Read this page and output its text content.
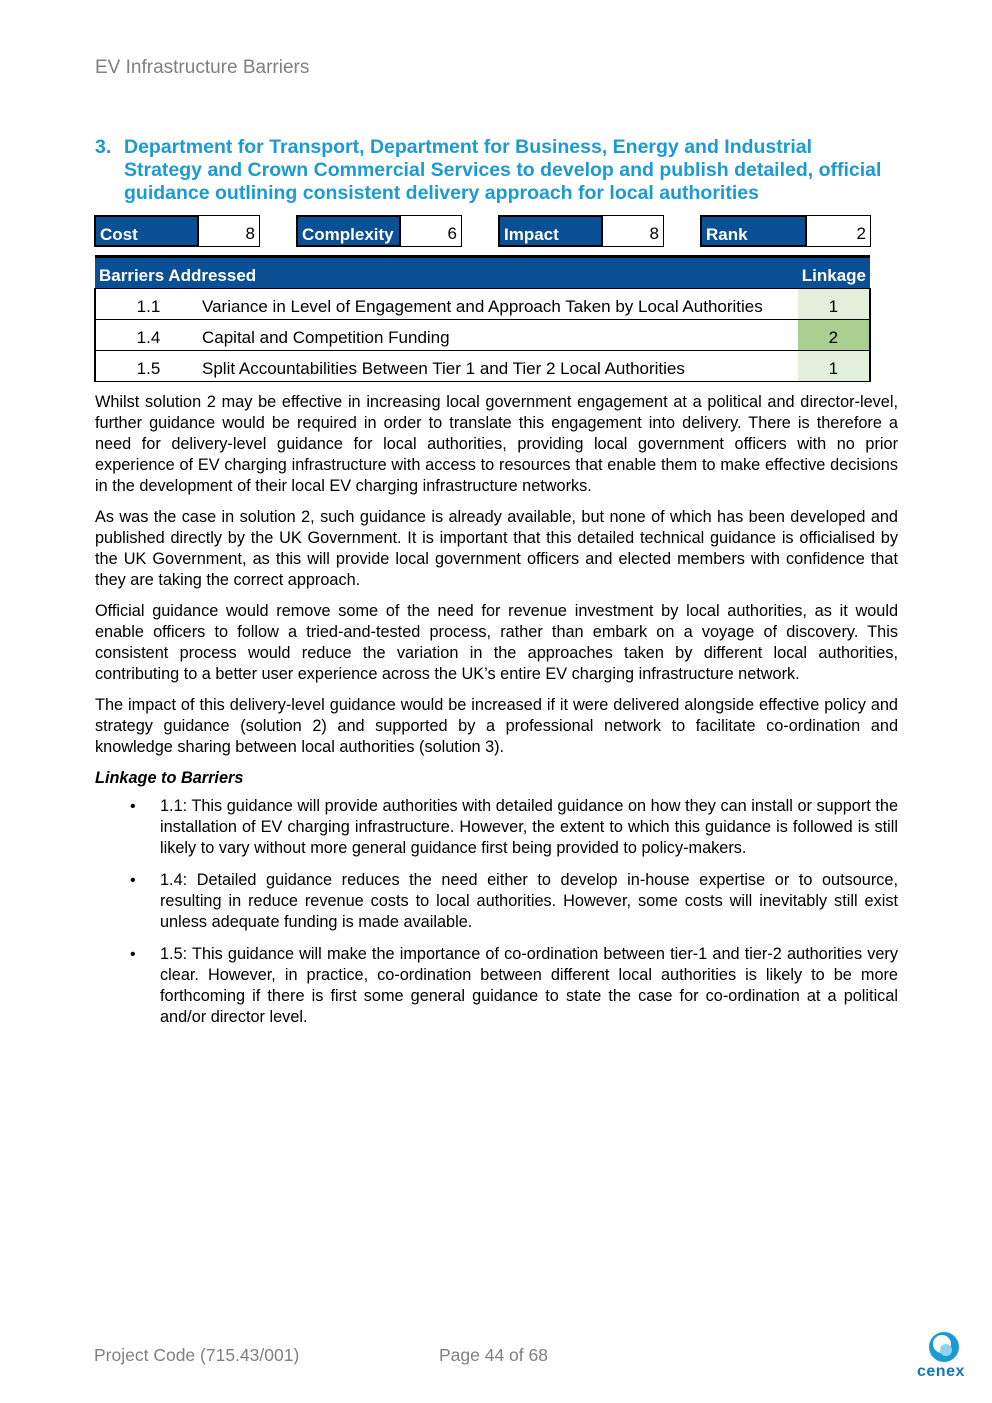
EV Infrastructure Barriers
3. Department for Transport, Department for Business, Energy and Industrial Strategy and Crown Commercial Services to develop and publish detailed, official guidance outlining consistent delivery approach for local authorities
Cost	8	Complexity	6	Impact	8	Rank	2
Barriers Addressed		Linkage
1.1	Variance in Level of Engagement and Approach Taken by Local Authorities	1
1.4	Capital and Competition Funding	2
1.5	Split Accountabilities Between Tier 1 and Tier 2 Local Authorities	1

Whilst solution 2 may be effective in increasing local government engagement at a political and director-level, further guidance would be required in order to translate this engagement into delivery. There is therefore a need for delivery-level guidance for local authorities, providing local government officers with no prior experience of EV charging infrastructure with access to resources that enable them to make effective decisions in the development of their local EV charging infrastructure networks.

As was the case in solution 2, such guidance is already available, but none of which has been developed and published directly by the UK Government. It is important that this detailed technical guidance is officialised by the UK Government, as this will provide local government officers and elected members with confidence that they are taking the correct approach.

Official guidance would remove some of the need for revenue investment by local authorities, as it would enable officers to follow a tried-and-tested process, rather than embark on a voyage of discovery. This consistent process would reduce the variation in the approaches taken by different local authorities, contributing to a better user experience across the UK’s entire EV charging infrastructure network.

The impact of this delivery-level guidance would be increased if it were delivered alongside effective policy and strategy guidance (solution 2) and supported by a professional network to facilitate co-ordination and knowledge sharing between local authorities (solution 3).

Linkage to Barriers
• 1.1: This guidance will provide authorities with detailed guidance on how they can install or support the installation of EV charging infrastructure. However, the extent to which this guidance is followed is still likely to vary without more general guidance first being provided to policy-makers.
• 1.4: Detailed guidance reduces the need either to develop in-house expertise or to outsource, resulting in reduce revenue costs to local authorities. However, some costs will inevitably still exist unless adequate funding is made available.
• 1.5: This guidance will make the importance of co-ordination between tier-1 and tier-2 authorities very clear. However, in practice, co-ordination between different local authorities is likely to be more forthcoming if there is first some general guidance to state the case for co-ordination at a political and/or director level.
Project Code (715.43/001)	Page 44 of 68
cenex
